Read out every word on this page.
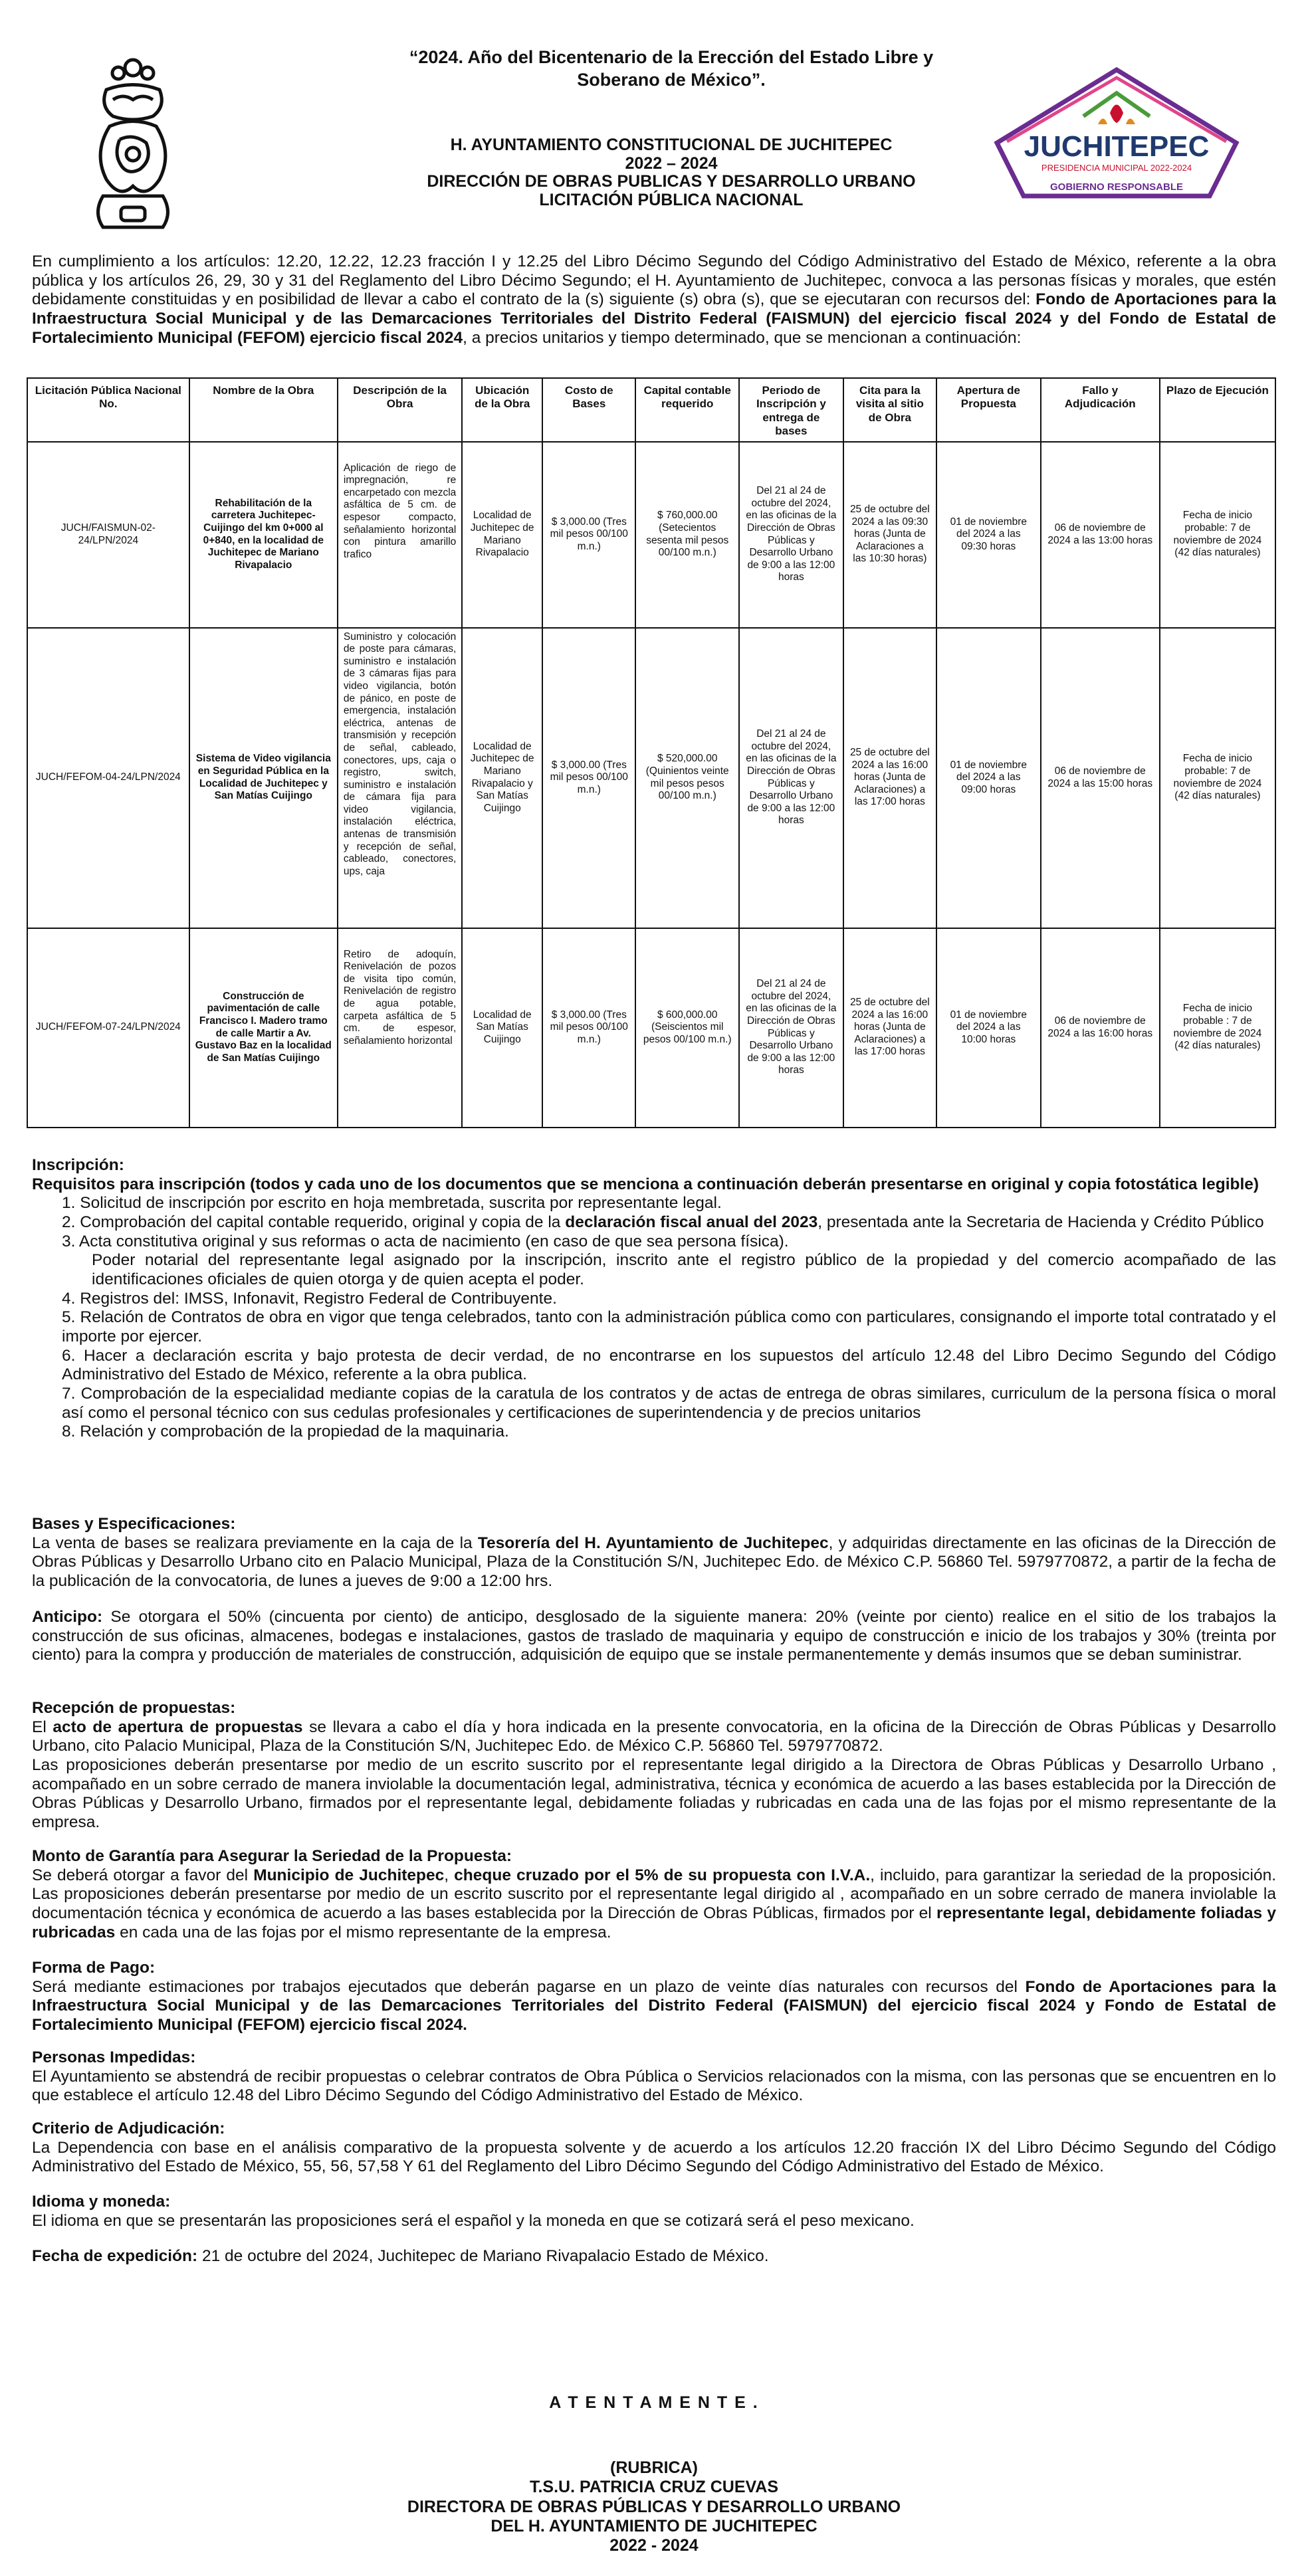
“2024. Año del Bicentenario de la Erección del Estado Libre y Soberano de México”.
H. AYUNTAMIENTO CONSTITUCIONAL DE JUCHITEPEC
2022 – 2024
DIRECCIÓN DE OBRAS PUBLICAS Y DESARROLLO URBANO
LICITACIÓN PÚBLICA NACIONAL
JUCHITEPEC
PRESIDENCIA MUNICIPAL 2022-2024
GOBIERNO RESPONSABLE
En cumplimiento a los artículos: 12.20, 12.22, 12.23 fracción I y 12.25 del Libro Décimo Segundo del Código Administrativo del Estado de México, referente a la obra pública y los artículos 26, 29, 30 y 31 del Reglamento del Libro Décimo Segundo; el H. Ayuntamiento de Juchitepec, convoca a las personas físicas y morales, que estén debidamente constituidas y en posibilidad de llevar a cabo el contrato de la (s) siguiente (s) obra (s), que se ejecutaran con recursos del: Fondo de Aportaciones para la Infraestructura Social Municipal y de las Demarcaciones Territoriales del Distrito Federal (FAISMUN) del ejercicio fiscal 2024 y del Fondo de Estatal de Fortalecimiento Municipal (FEFOM) ejercicio fiscal 2024, a precios unitarios y tiempo determinado, que se mencionan a continuación:
Licitación Pública Nacional No.	Nombre de la Obra	Descripción de la Obra	Ubicación de la Obra	Costo de Bases	Capital contable requerido	Periodo de Inscripción y entrega de bases	Cita para la visita al sitio de Obra	Apertura de Propuesta	Fallo y Adjudicación	Plazo de Ejecución
JUCH/FAISMUN-02-24/LPN/2024	Rehabilitación de la carretera Juchitepec-Cuijingo del km 0+000 al 0+840, en la localidad de Juchitepec de Mariano Rivapalacio	Aplicación de riego de impregnación, re encarpetado con mezcla asfáltica de 5 cm. de espesor compacto, señalamiento horizontal con pintura amarillo trafico	Localidad de Juchitepec de Mariano Rivapalacio	$ 3,000.00 (Tres mil pesos 00/100 m.n.)	$ 760,000.00 (Setecientos sesenta mil pesos 00/100 m.n.)	Del 21 al 24 de octubre del 2024, en las oficinas de la Dirección de Obras Públicas y Desarrollo Urbano de 9:00 a las 12:00 horas	25 de octubre del 2024 a las 09:30 horas (Junta de Aclaraciones a las 10:30 horas)	01 de noviembre del 2024 a las 09:30 horas	06 de noviembre de 2024 a las 13:00 horas	Fecha de inicio probable: 7 de noviembre de 2024 (42 días naturales)
JUCH/FEFOM-04-24/LPN/2024	Sistema de Video vigilancia en Seguridad Pública en la Localidad de Juchitepec y San Matías Cuijingo	Suministro y colocación de poste para cámaras, suministro e instalación de 3 cámaras fijas para video vigilancia, botón de pánico, en poste de emergencia, instalación eléctrica, antenas de transmisión y recepción de señal, cableado, conectores, ups, caja o registro, switch, suministro e instalación de cámara fija para video vigilancia, instalación eléctrica, antenas de transmisión y recepción de señal, cableado, conectores, ups, caja	Localidad de Juchitepec de Mariano Rivapalacio y San Matías Cuijingo	$ 3,000.00 (Tres mil pesos 00/100 m.n.)	$ 520,000.00 (Quinientos veinte mil pesos pesos 00/100 m.n.)	Del 21 al 24 de octubre del 2024, en las oficinas de la Dirección de Obras Públicas y Desarrollo Urbano de 9:00 a las 12:00 horas	25 de octubre del 2024 a las 16:00 horas (Junta de Aclaraciones) a las 17:00 horas	01 de noviembre del 2024 a las 09:00 horas	06 de noviembre de 2024 a las 15:00 horas	Fecha de inicio probable: 7 de noviembre de 2024 (42 días naturales)
JUCH/FEFOM-07-24/LPN/2024	Construcción de pavimentación de calle Francisco I. Madero tramo de calle Martir a Av. Gustavo Baz en la localidad de San Matías Cuijingo	Retiro de adoquín, Renivelación de pozos de visita tipo común, Renivelación de registro de agua potable, carpeta asfáltica de 5 cm. de espesor, señalamiento horizontal	Localidad de San Matías Cuijingo	$ 3,000.00 (Tres mil pesos 00/100 m.n.)	$ 600,000.00 (Seiscientos mil pesos 00/100 m.n.)	Del 21 al 24 de octubre del 2024, en las oficinas de la Dirección de Obras Públicas y Desarrollo Urbano de 9:00 a las 12:00 horas	25 de octubre del 2024 a las 16:00 horas (Junta de Aclaraciones) a las 17:00 horas	01 de noviembre del 2024 a las 10:00 horas	06 de noviembre de 2024 a las 16:00 horas	Fecha de inicio probable : 7 de noviembre de 2024 (42 días naturales)

Inscripción:

Requisitos para inscripción (todos y cada uno de los documentos que se menciona a continuación deberán presentarse en original y copia fotostática legible)

1. Solicitud de inscripción por escrito en hoja membretada, suscrita por representante legal.
2. Comprobación del capital contable requerido, original y copia de la declaración fiscal anual del 2023, presentada ante la Secretaria de Hacienda y Crédito Público
3. Acta constitutiva original y sus reformas o acta de nacimiento (en caso de que sea persona física).
Poder notarial del representante legal asignado por la inscripción, inscrito ante el registro público de la propiedad y del comercio acompañado de las identificaciones oficiales de quien otorga y de quien acepta el poder.
4. Registros del: IMSS, Infonavit, Registro Federal de Contribuyente.
5. Relación de Contratos de obra en vigor que tenga celebrados, tanto con la administración pública como con particulares, consignando el importe total contratado y el importe por ejercer.
6. Hacer a declaración escrita y bajo protesta de decir verdad, de no encontrarse en los supuestos del artículo 12.48 del Libro Decimo Segundo del Código Administrativo del Estado de México, referente a la obra publica.
7. Comprobación de la especialidad mediante copias de la caratula de los contratos y de actas de entrega de obras similares, curriculum de la persona física o moral así como el personal técnico con sus cedulas profesionales y certificaciones de superintendencia y de precios unitarios
8. Relación y comprobación de la propiedad de la maquinaria.

Bases y Especificaciones:

La venta de bases se realizara previamente en la caja de la Tesorería del H. Ayuntamiento de Juchitepec, y adquiridas directamente en las oficinas de la Dirección de Obras Públicas y Desarrollo Urbano cito en Palacio Municipal, Plaza de la Constitución S/N, Juchitepec Edo. de México C.P. 56860 Tel. 5979770872, a partir de la fecha de la publicación de la convocatoria, de lunes a jueves de 9:00 a 12:00 hrs.

Anticipo: Se otorgara el 50% (cincuenta por ciento) de anticipo, desglosado de la siguiente manera: 20% (veinte por ciento) realice en el sitio de los trabajos la construcción de sus oficinas, almacenes, bodegas e instalaciones, gastos de traslado de maquinaria y equipo de construcción e inicio de los trabajos y 30% (treinta por ciento) para la compra y producción de materiales de construcción, adquisición de equipo que se instale permanentemente y demás insumos que se deban suministrar.

Recepción de propuestas:

El acto de apertura de propuestas se llevara a cabo el día y hora indicada en la presente convocatoria, en la oficina de la Dirección de Obras Públicas y Desarrollo Urbano, cito Palacio Municipal, Plaza de la Constitución S/N, Juchitepec Edo. de México C.P. 56860 Tel. 5979770872.

Las proposiciones deberán presentarse por medio de un escrito suscrito por el representante legal dirigido a la Directora de Obras Públicas y Desarrollo Urbano , acompañado en un sobre cerrado de manera inviolable la documentación legal, administrativa, técnica y económica de acuerdo a las bases establecida por la Dirección de Obras Públicas y Desarrollo Urbano, firmados por el representante legal, debidamente foliadas y rubricadas en cada una de las fojas por el mismo representante de la empresa.

Monto de Garantía para Asegurar la Seriedad de la Propuesta:

Se deberá otorgar a favor del Municipio de Juchitepec, cheque cruzado por el 5% de su propuesta con I.V.A., incluido, para garantizar la seriedad de la proposición. Las proposiciones deberán presentarse por medio de un escrito suscrito por el representante legal dirigido al , acompañado en un sobre cerrado de manera inviolable la documentación técnica y económica de acuerdo a las bases establecida por la Dirección de Obras Públicas, firmados por el representante legal, debidamente foliadas y rubricadas en cada una de las fojas por el mismo representante de la empresa.

Forma de Pago:

Será mediante estimaciones por trabajos ejecutados que deberán pagarse en un plazo de veinte días naturales con recursos del Fondo de Aportaciones para la Infraestructura Social Municipal y de las Demarcaciones Territoriales del Distrito Federal (FAISMUN) del ejercicio fiscal 2024 y Fondo de Estatal de Fortalecimiento Municipal (FEFOM) ejercicio fiscal 2024.

Personas Impedidas:

El Ayuntamiento se abstendrá de recibir propuestas o celebrar contratos de Obra Pública o Servicios relacionados con la misma, con las personas que se encuentren en lo que establece el artículo 12.48 del Libro Décimo Segundo del Código Administrativo del Estado de México.

Criterio de Adjudicación:

La Dependencia con base en el análisis comparativo de la propuesta solvente y de acuerdo a los artículos 12.20 fracción IX del Libro Décimo Segundo del Código Administrativo del Estado de México, 55, 56, 57,58 Y 61 del Reglamento del Libro Décimo Segundo del Código Administrativo del Estado de México.

Idioma y moneda:

El idioma en que se presentarán las proposiciones será el español y la moneda en que se cotizará será el peso mexicano.

Fecha de expedición: 21 de octubre del 2024, Juchitepec de Mariano Rivapalacio Estado de México.

A T E N T A M E N T E .
(RUBRICA)
T.S.U. PATRICIA CRUZ CUEVAS
DIRECTORA DE OBRAS PÚBLICAS Y DESARROLLO URBANO
DEL H. AYUNTAMIENTO DE JUCHITEPEC
2022 - 2024
